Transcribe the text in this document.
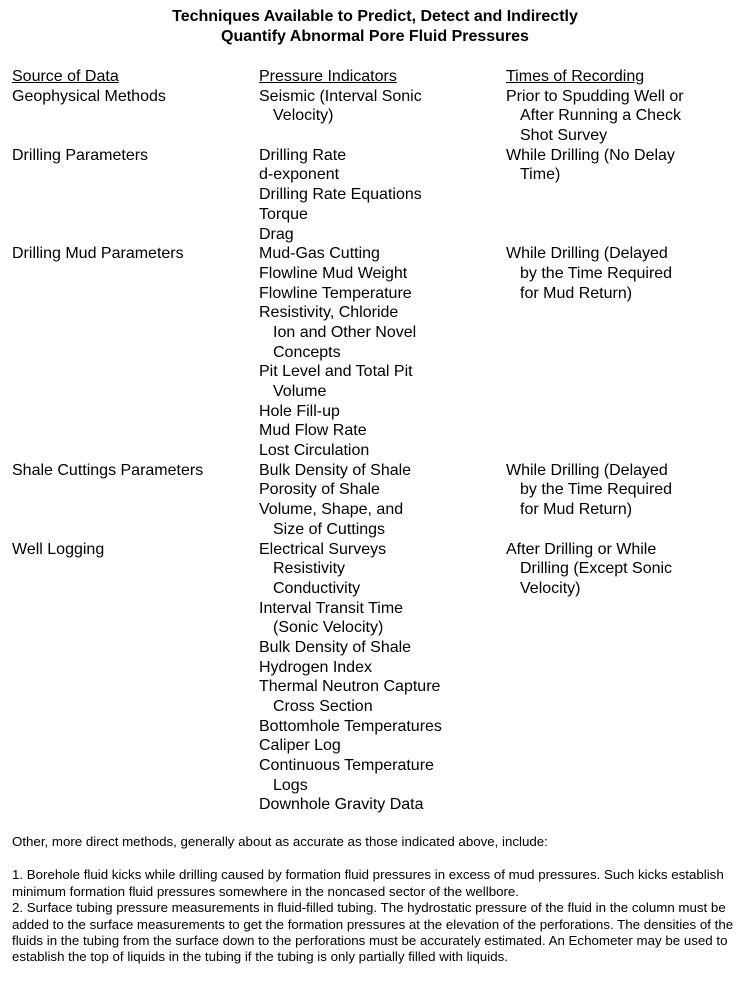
Techniques Available to Predict, Detect and Indirectly
Quantify Abnormal Pore Fluid Pressures
Source of Data
Geophysical Methods
Drilling Parameters
Drilling Mud Parameters
Shale Cuttings Parameters
Well Logging
Pressure Indicators
Seismic (Interval Sonic
Velocity)
Drilling Rate
d-exponent
Drilling Rate Equations
Torque
Drag
Mud-Gas Cutting
Flowline Mud Weight
Flowline Temperature
Resistivity, Chloride
Ion and Other Novel
Concepts
Pit Level and Total Pit
Volume
Hole Fill-up
Mud Flow Rate
Lost Circulation
Bulk Density of Shale
Porosity of Shale
Volume, Shape, and
Size of Cuttings
Electrical Surveys
Resistivity
Conductivity
Interval Transit Time
(Sonic Velocity)
Bulk Density of Shale
Hydrogen Index
Thermal Neutron Capture
Cross Section
Bottomhole Temperatures
Caliper Log
Continuous Temperature
Logs
Downhole Gravity Data
Times of Recording
Prior to Spudding Well or
After Running a Check
Shot Survey
While Drilling (No Delay
Time)
While Drilling (Delayed
by the Time Required
for Mud Return)
While Drilling (Delayed
by the Time Required
for Mud Return)
After Drilling or While
Drilling (Except Sonic
Velocity)

Other, more direct methods, generally about as accurate as those indicated above, include:

1. Borehole fluid kicks while drilling caused by formation fluid pressures in excess of mud pressures. Such kicks establish minimum formation fluid pressures somewhere in the noncased sector of the wellbore.

2. Surface tubing pressure measurements in fluid-filled tubing. The hydrostatic pressure of the fluid in the column must be added to the surface measurements to get the formation pressures at the elevation of the perforations. The densities of the fluids in the tubing from the surface down to the perforations must be accurately estimated. An Echometer may be used to establish the top of liquids in the tubing if the tubing is only partially filled with liquids.
